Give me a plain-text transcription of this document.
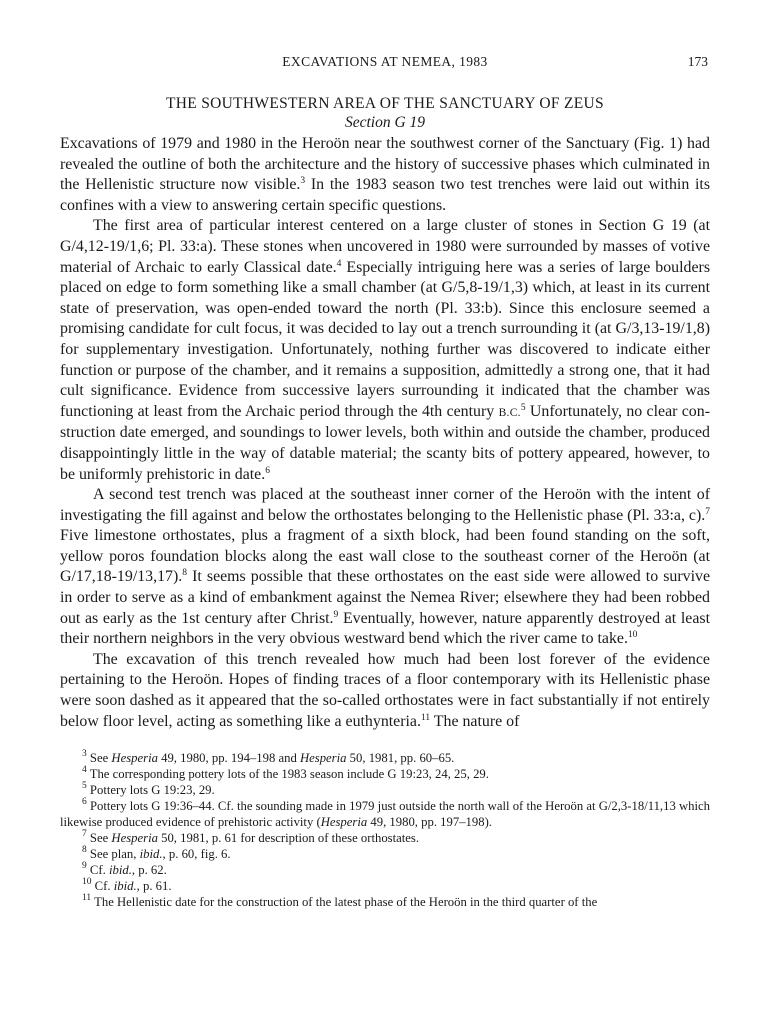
EXCAVATIONS AT NEMEA, 1983	173
THE SOUTHWESTERN AREA OF THE SANCTUARY OF ZEUS
Section G 19

Excavations of 1979 and 1980 in the Heroön near the southwest corner of the Sanctuary (Fig. 1) had revealed the outline of both the architecture and the history of successive phases which culminated in the Hellenistic structure now visible.$^3$ In the 1983 season two test trenches were laid out within its confines with a view to answering certain specific questions.

The first area of particular interest centered on a large cluster of stones in Section G 19 (at G/4,12-19/1,6; Pl. 33:a). These stones when uncovered in 1980 were surrounded by masses of votive material of Archaic to early Classical date.$^4$ Especially intriguing here was a series of large boulders placed on edge to form something like a small chamber (at G/5,8-19/1,3) which, at least in its current state of preservation, was open-ended toward the north (Pl. 33:b). Since this enclosure seemed a promising candidate for cult focus, it was decided to lay out a trench surrounding it (at G/3,13-19/1,8) for supplementary investigation. Unfortunately, nothing further was discovered to indicate either function or purpose of the chamber, and it remains a supposition, admittedly a strong one, that it had cult significance. Evidence from successive layers surrounding it indicated that the chamber was functioning at least from the Archaic period through the 4th century B.C.$^5$ Unfortunately, no clear construction date emerged, and soundings to lower levels, both within and outside the chamber, produced disappointingly little in the way of datable material; the scanty bits of pottery appeared, however, to be uniformly prehistoric in date.$^6$

A second test trench was placed at the southeast inner corner of the Heroön with the intent of investigating the fill against and below the orthostates belonging to the Hellenistic phase (Pl. 33:a, c).$^7$ Five limestone orthostates, plus a fragment of a sixth block, had been found standing on the soft, yellow poros foundation blocks along the east wall close to the southeast corner of the Heroön (at G/17,18-19/13,17).$^8$ It seems possible that these orthostates on the east side were allowed to survive in order to serve as a kind of embankment against the Nemea River; elsewhere they had been robbed out as early as the 1st century after Christ.$^9$ Eventually, however, nature apparently destroyed at least their northern neighbors in the very obvious westward bend which the river came to take.$^{10}$

The excavation of this trench revealed how much had been lost forever of the evidence pertaining to the Heroön. Hopes of finding traces of a floor contemporary with its Hellenistic phase were soon dashed as it appeared that the so-called orthostates were in fact substantially if not entirely below floor level, acting as something like a euthynteria.$^{11}$ The nature of

$^3$ See Hesperia 49, 1980, pp. 194–198 and Hesperia 50, 1981, pp. 60–65.

$^4$ The corresponding pottery lots of the 1983 season include G 19:23, 24, 25, 29.

$^5$ Pottery lots G 19:23, 29.

$^6$ Pottery lots G 19:36–44. Cf. the sounding made in 1979 just outside the north wall of the Heroön at G/2,3-18/11,13 which likewise produced evidence of prehistoric activity (Hesperia 49, 1980, pp. 197–198).

$^7$ See Hesperia 50, 1981, p. 61 for description of these orthostates.

$^8$ See plan, ibid., p. 60, fig. 6.

$^9$ Cf. ibid., p. 62.

$^{10}$ Cf. ibid., p. 61.

$^{11}$ The Hellenistic date for the construction of the latest phase of the Heroön in the third quarter of the
